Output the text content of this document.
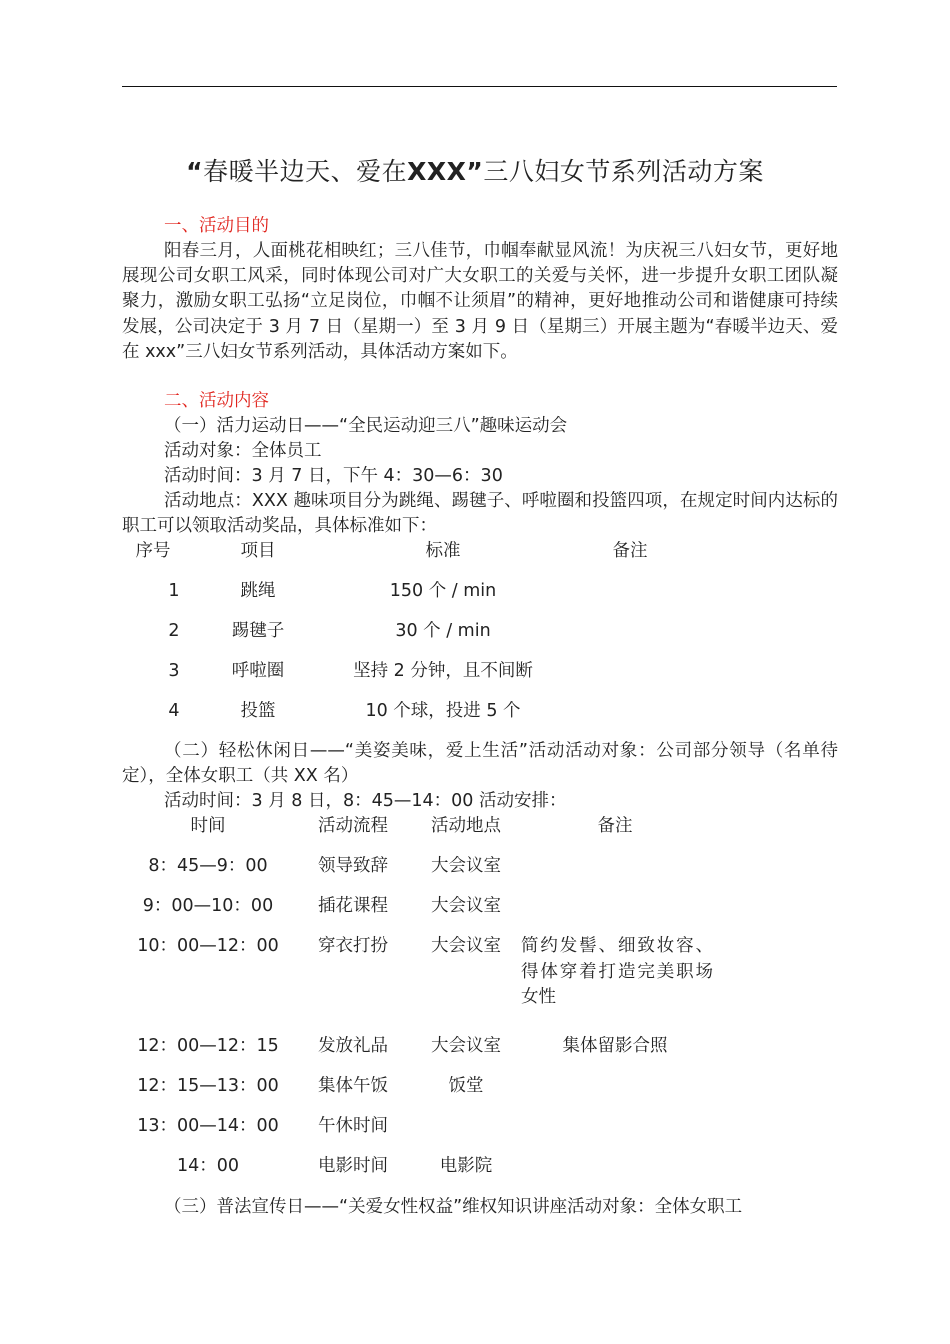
“春暖半边天、爱在XXX”三八妇女节系列活动方案
一、活动目的
阳春三月，人面桃花相映红；三八佳节，巾帼奉献显风流！为庆祝三八妇女节，更好地展现公司女职工风采，同时体现公司对广大女职工的关爱与关怀，进一步提升女职工团队凝聚力，激励女职工弘扬“立足岗位，巾帼不让须眉”的精神，更好地推动公司和谐健康可持续发展，公司决定于 3 月 7 日（星期一）至 3 月 9 日（星期三）开展主题为“春暖半边天、爱在 xxx”三八妇女节系列活动，具体活动方案如下。
二、活动内容
（一）活力运动日——“全民运动迎三八”趣味运动会
活动对象：全体员工
活动时间：3 月 7 日，下午 4：30—6：30
活动地点：XXX 趣味项目分为跳绳、踢毽子、呼啦圈和投篮四项，在规定时间内达标的职工可以领取活动奖品，具体标准如下：
序号	项目	标准	备注
1	跳绳	150 个 / min
2	踢毽子	30 个 / min
3	呼啦圈	坚持 2 分钟，且不间断
4	投篮	10 个球，投进 5 个
（二）轻松休闲日——“美姿美味，爱上生活”活动活动对象：公司部分领导（名单待定），全体女职工（共 XX 名）
活动时间：3 月 8 日，8：45—14：00 活动安排：
时间	活动流程	活动地点	备注
8：45—9：00	领导致辞	大会议室
9：00—10：00	插花课程	大会议室
10：00—12：00	穿衣打扮	大会议室	简约发髻、细致妆容、得体穿着打造完美职场女性
12：00—12：15	发放礼品	大会议室	集体留影合照
12：15—13：00	集体午饭	饭堂
13：00—14：00	午休时间
14：00	电影时间	电影院
（三）普法宣传日——“关爱女性权益”维权知识讲座活动对象：全体女职工
